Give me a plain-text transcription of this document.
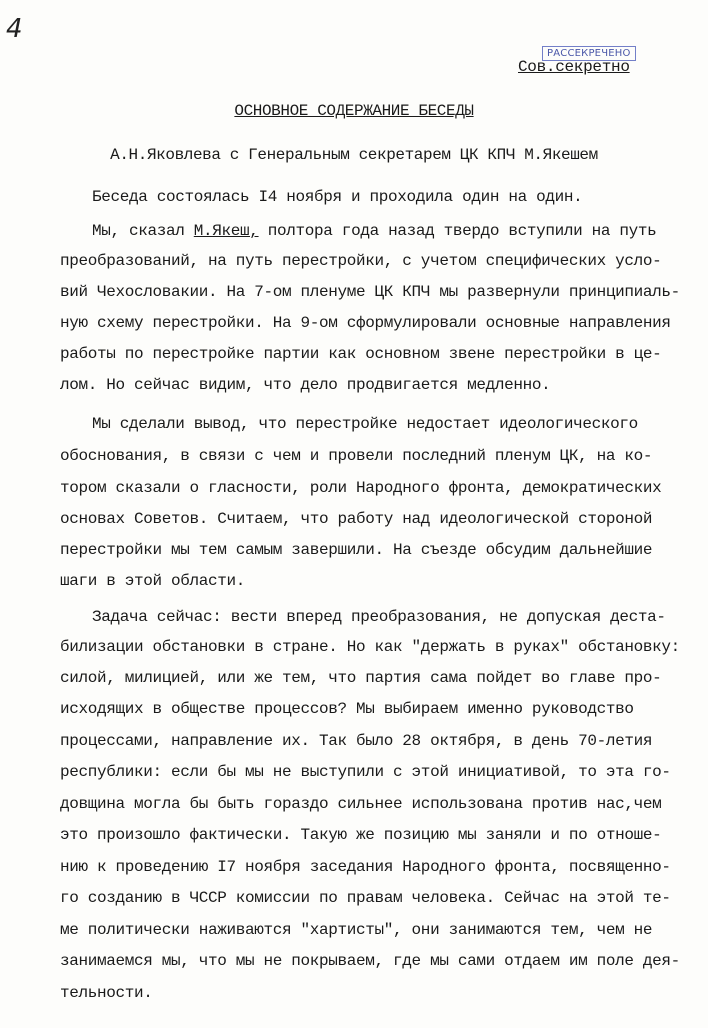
4
РАССЕКРЕЧЕНО
Сов.секретно
ОСНОВНОЕ СОДЕРЖАНИЕ БЕСЕДЫ
А.Н.Яковлева с Генеральным секретарем ЦК КПЧ М.Якешем
Беседа состоялась I4 ноября и проходила один на один.
Мы, сказал М.Якеш, полтора года назад твердо вступили на путь
преобразований, на путь перестройки, с учетом специфических усло-
вий Чехословакии. На 7-ом пленуме ЦК КПЧ мы развернули принципиаль-
ную схему перестройки. На 9-ом сформулировали основные направления
работы по перестройке партии как основном звене перестройки в це-
лом. Но сейчас видим, что дело продвигается медленно.
Мы сделали вывод, что перестройке недостает идеологического
обоснования, в связи с чем и провели последний пленум ЦК, на ко-
тором сказали о гласности, роли Народного фронта, демократических
основах Советов. Считаем, что работу над идеологической стороной
перестройки мы тем самым завершили. На съезде обсудим дальнейшие
шаги в этой области.
Задача сейчас: вести вперед преобразования, не допуская деста-
билизации обстановки в стране. Но как "держать в руках" обстановку:
силой, милицией, или же тем, что партия сама пойдет во главе про-
исходящих в обществе процессов? Мы выбираем именно руководство
процессами, направление их. Так было 28 октября, в день 70-летия
республики: если бы мы не выступили с этой инициативой, то эта го-
довщина могла бы быть гораздо сильнее использована против нас,чем
это произошло фактически. Такую же позицию мы заняли и по отноше-
нию к проведению I7 ноября заседания Народного фронта, посвященно-
го созданию в ЧССР комиссии по правам человека. Сейчас на этой те-
ме политически наживаются "хартисты", они занимаются тем, чем не
занимаемся мы, что мы не покрываем, где мы сами отдаем им поле дея-
тельности.
